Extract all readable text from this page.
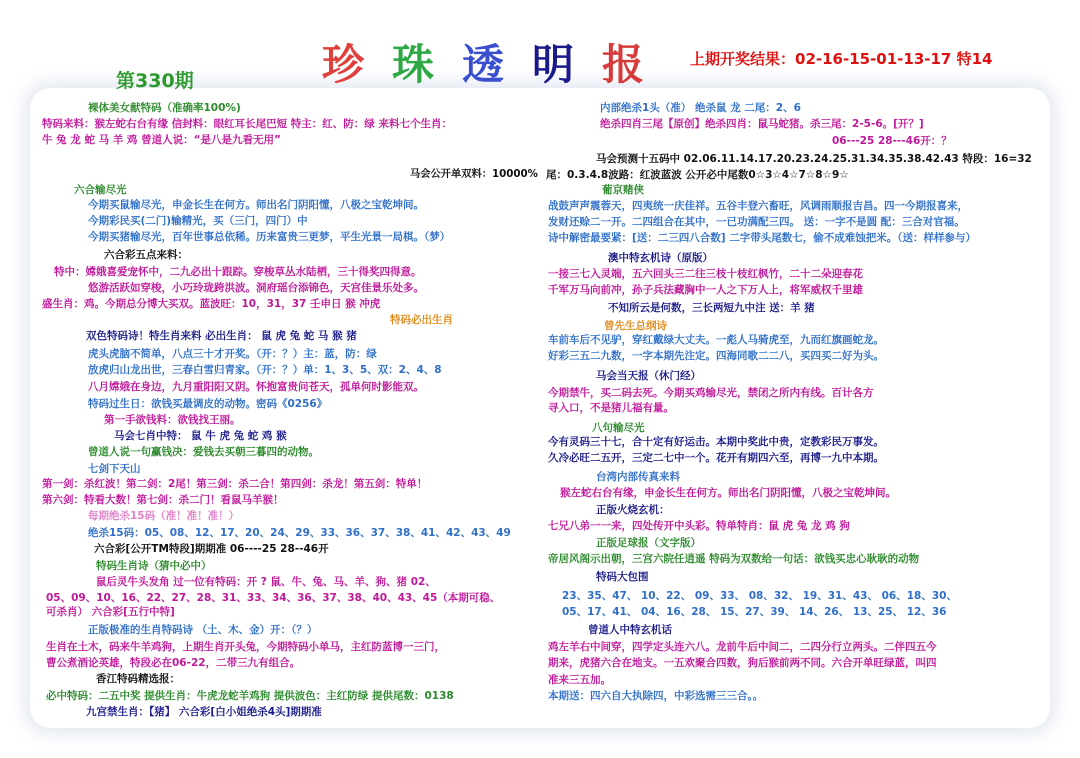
珍 珠 透 明 报
第330期
上期开奖结果：02-16-15-01-13-17 特14
裸体美女献特码（准确率100%)
特码来料：猴左蛇右台有缘 信封料：眼红耳长尾巴短 特主：红、防：绿 来料七个生肖：
牛 兔 龙 蛇 马 羊 鸡 曾道人说：“是八是九看无用”
马会公开单双料：10000%
六合输尽光
今期买鼠输尽光，申金长生在何方。师出名门阴阳懂，八极之宝乾坤间。
今期彩民买(二门)输精光，买（三门，四门）中
今期买猪输尽光，百年世事总依稀。历来富贵三更梦，平生光景一局棋。（梦）
六合彩五点来料：
特中：嫦娥喜爱宠怀中，二九必出十跟踪。穿梭草丛水陆栖，三十得奖四得意。
悠游活跃如穿梭，小巧玲珑跨洪波。洞府瑶台添锦色，天宫佳景乐处多。
盛生肖：鸡。今期总分博大买双。蓝波旺：10，31，37 壬申日 猴 冲虎
特码必出生肖
双色特码诗！特生肖来料 必出生肖： 鼠 虎 兔 蛇 马 猴 猪
虎头虎脑不简单，八点三十才开奖。（开：？）主：蓝，防：绿
放虎归山龙出世，三春白雪归青家。（开：？）单：1、3、5、双：2、4、8
八月嫦娥在身边，九月重阳阳又阴。怀抱富贵问苍天，孤单何时影能双。
特码过生日：欲钱买最调皮的动物。密码《0256》
第一手欲钱料：欲钱找王丽。
马会七肖中特： 鼠 牛 虎 兔 蛇 鸡 猴
曾道人说一句赢钱决：爱钱去买朝三暮四的动物。
七剑下天山
第一剑：杀红波！第二剑：2尾！第三剑：杀二合！第四剑：杀龙！第五剑：特单！
第六剑：特看大数！第七剑：杀二门！看鼠马羊猴！
每期绝杀15码（准！准！准！）
绝杀15码：05、08、12、17、20、24、29、33、36、37、38、41、42、43、49
六合彩[公开TM特段]期期准 06----25 28--46开
特码生肖诗（猜中必中）
鼠后灵牛头发角 过一位有特码：开 ? 鼠、牛、兔、马、羊、狗、猪 02、
05、09、10、16、22、27、28、31、33、34、36、37、38、40、43、45（本期可稳、
可杀肖） 六合彩[五行中特]
正版极准的生肖特码诗 （土、木、金）开：（？）
生肖在土木，码来牛羊鸡狗，上期生肖开头兔，今期特码小单马，主红防蓝博一三门，
曹公煮酒论英雄，特段必在06-22，二带三九有组合。
香江特码精选报：
必中特码：二五中奖 提供生肖：牛虎龙蛇羊鸡狗 提供波色：主红防绿 提供尾数：0138
九宫禁生肖：【猪】 六合彩[白小姐绝杀4头]期期准
内部绝杀1头（准） 绝杀鼠 龙 二尾：2、6
绝杀四肖三尾【原创】绝杀四肖：鼠马蛇猪。杀三尾：2-5-6。[开？]
06---25 28---46开：？
马会预测十五码中 02.06.11.14.17.20.23.24.25.31.34.35.38.42.43 特段：16=32
尾：0.3.4.8波路：红波蓝波 公开必中尾数0☆3☆4☆7☆8☆9☆
葡京赌侠
战鼓声声震蓉天，四夷统一庆佳祥。五谷丰登六畜旺，风调雨顺报吉昌。四一今期报喜来，
发财还赊二一开。二四组合在其中，一已功满配三四。 送：一字不是圆 配：三合对官福。
诗中解密最要紧：[送：二三四八合数] 二字带头尾数七，偷不成难蚀把米。（送：样样参与）
澳中特玄机诗（原版）
一接三七入灵端，五六回头三二往三枝十枝红枫竹，二十二朵迎春花
千军万马向前冲，孙子兵法藏胸中一人之下万人上，将军威权千里雄
不知所云是何数，三长两短九中注 送：羊 猪
曾先生总纲诗
车前车后不见驴，穿红戴绿大丈夫。一彪人马骑虎至，九而红旗画蛇龙。
好彩三五二九数，一字本期先注定。四海同歌二二八，买四买二好为头。
马会当天报（休门经）
今期禁牛，买二码去死。今期买鸡输尽光，禁闭之所内有线。百计各方
寻入口，不是猪儿福有量。
八句输尽光
今有灵码三十七，合十定有好运击。本期中奖此中贵，定教彩民万事发。
久冷必旺二五开，三定二七中一个。花开有期四六至，再博一九中本期。
台湾内部传真来料
猴左蛇右台有缘，申金长生在何方。师出名门阴阳懂，八极之宝乾坤间。
正版火烧玄机：
七兄八弟一一来，四处传开中头彩。特单特肖：鼠 虎 兔 龙 鸡 狗
正版足球报（文字版）
帝居风阁示出朝，三宫六院任逍遥 特码为双数给一句话：欲钱买忠心耿耿的动物
特码大包围
23、35、47、 10、22、 09、33、 08、32、 19、31、43、 06、18、30、
05、17、41、 04、16、28、 15、27、39、 14、26、 13、25、 12、36
曾道人中特玄机话
鸡左羊右中间穿，四学定头连六八。龙前牛后中间二，二四分行立两头。二伴四五今
期来，虎猪六合在地支。一五欢聚合四数，狗后猴前两不同。六合开单旺绿蓝，叫四
准来三五加。
本期送：四六自大执除四，中彩选需三三合。。
